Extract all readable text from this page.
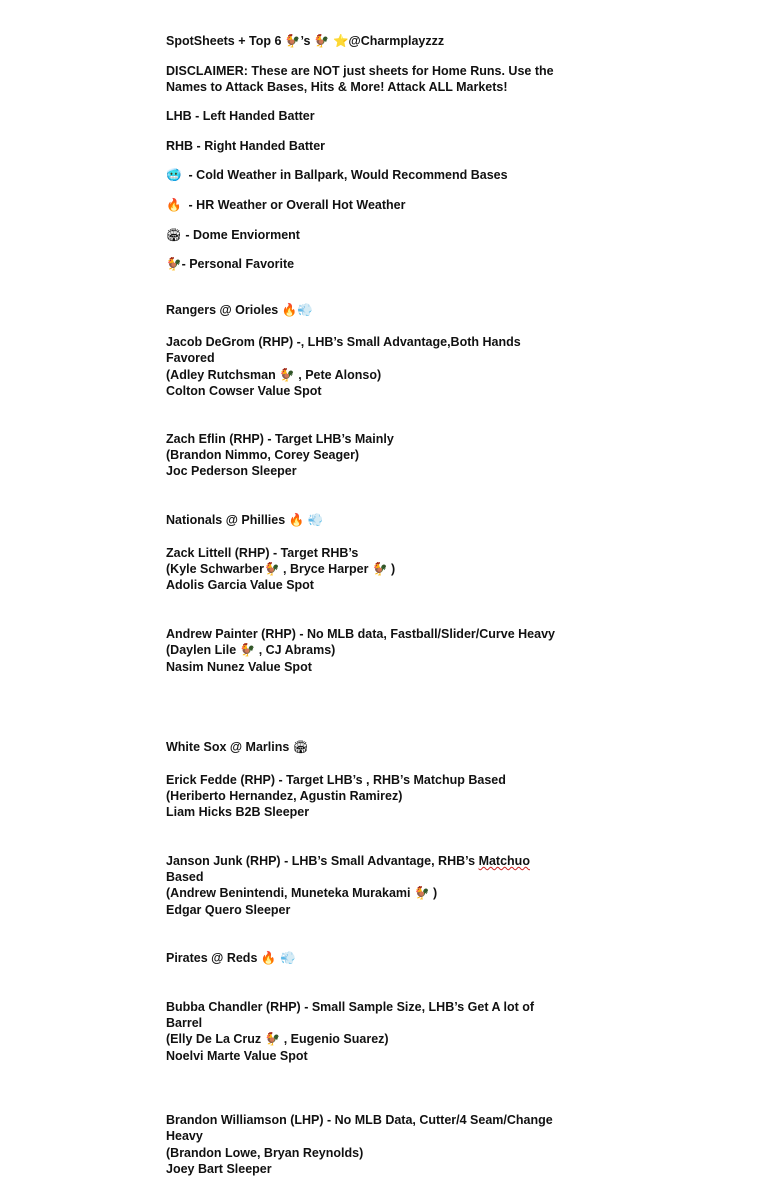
SpotSheets + Top 6 🐓’s 🐓 ⭐@Charmplayzzz
DISCLAIMER: These are NOT just sheets for Home Runs. Use the
Names to Attack Bases, Hits & More! Attack ALL Markets!
LHB - Left Handed Batter
RHB - Right Handed Batter
🥶 - Cold Weather in Ballpark, Would Recommend Bases
🔥 - HR Weather or Overall Hot Weather
🏟 - Dome Enviorment
🐓- Personal Favorite
Rangers @ Orioles 🔥💨
Jacob DeGrom (RHP) -, LHB’s Small Advantage,Both Hands
Favored
(Adley Rutchsman 🐓 , Pete Alonso)
Colton Cowser Value Spot
Zach Eflin (RHP) - Target LHB’s Mainly
(Brandon Nimmo, Corey Seager)
Joc Pederson Sleeper
Nationals @ Phillies 🔥 💨
Zack Littell (RHP) - Target RHB’s
(Kyle Schwarber🐓 , Bryce Harper 🐓 )
Adolis Garcia Value Spot
Andrew Painter (RHP) - No MLB data, Fastball/Slider/Curve Heavy
(Daylen Lile 🐓 , CJ Abrams)
Nasim Nunez Value Spot
White Sox @ Marlins 🏟
Erick Fedde (RHP) - Target LHB’s , RHB’s Matchup Based
(Heriberto Hernandez, Agustin Ramirez)
Liam Hicks B2B Sleeper
Janson Junk (RHP) - LHB’s Small Advantage, RHB’s Matchuo
Based
(Andrew Benintendi, Muneteka Murakami 🐓 )
Edgar Quero Sleeper
Pirates @ Reds 🔥 💨
Bubba Chandler (RHP) - Small Sample Size, LHB’s Get A lot of
Barrel
(Elly De La Cruz 🐓 , Eugenio Suarez)
Noelvi Marte Value Spot
Brandon Williamson (LHP) - No MLB Data, Cutter/4 Seam/Change
Heavy
(Brandon Lowe, Bryan Reynolds)
Joey Bart Sleeper
